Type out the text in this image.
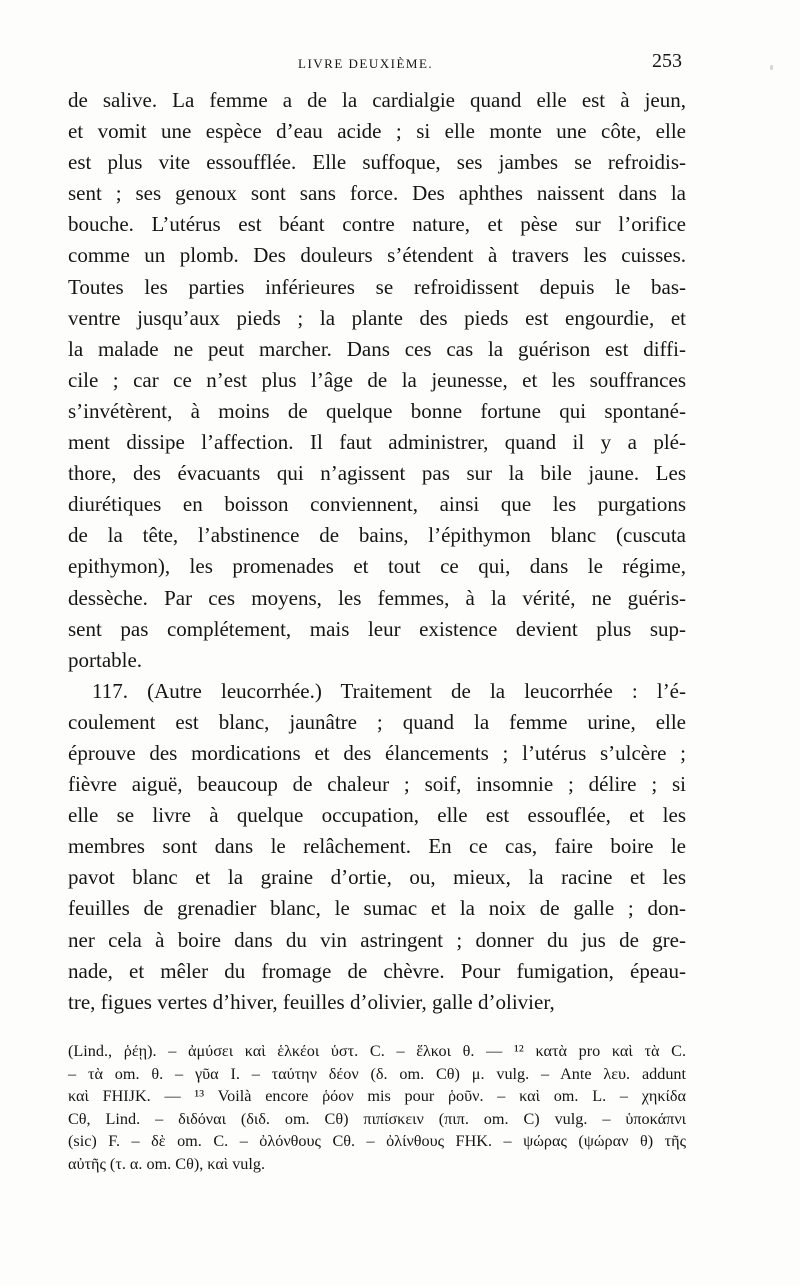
LIVRE DEUXIÈME.	253

de salive. La femme a de la cardialgie quand elle est à jeun,
et vomit une espèce d’eau acide ; si elle monte une côte, elle
est plus vite essoufflée. Elle suffoque, ses jambes se refroidis-
sent ; ses genoux sont sans force. Des aphthes naissent dans la
bouche. L’utérus est béant contre nature, et pèse sur l’orifice
comme un plomb. Des douleurs s’étendent à travers les cuisses.
Toutes les parties inférieures se refroidissent depuis le bas-
ventre jusqu’aux pieds ; la plante des pieds est engourdie, et
la malade ne peut marcher. Dans ces cas la guérison est diffi-
cile ; car ce n’est plus l’âge de la jeunesse, et les souffrances
s’invétèrent, à moins de quelque bonne fortune qui spontané-
ment dissipe l’affection. Il faut administrer, quand il y a plé-
thore, des évacuants qui n’agissent pas sur la bile jaune. Les
diurétiques en boisson conviennent, ainsi que les purgations
de la tête, l’abstinence de bains, l’épithymon blanc (cuscuta
epithymon), les promenades et tout ce qui, dans le régime,
dessèche. Par ces moyens, les femmes, à la vérité, ne guéris-
sent pas complétement, mais leur existence devient plus sup-
portable.

117. (Autre leucorrhée.) Traitement de la leucorrhée : l’é-
coulement est blanc, jaunâtre ; quand la femme urine, elle
éprouve des mordications et des élancements ; l’utérus s’ulcère ;
fièvre aiguë, beaucoup de chaleur ; soif, insomnie ; délire ; si
elle se livre à quelque occupation, elle est essouflée, et les
membres sont dans le relâchement. En ce cas, faire boire le
pavot blanc et la graine d’ortie, ou, mieux, la racine et les
feuilles de grenadier blanc, le sumac et la noix de galle ; don-
ner cela à boire dans du vin astringent ; donner du jus de gre-
nade, et mêler du fromage de chèvre. Pour fumigation, épeau-
tre, figues vertes d’hiver, feuilles d’olivier, galle d’olivier,

(Lind., ῥέῃ). – ἀμύσει καὶ ἑλκέοι ὑστ. C. – ἕλκοι θ. — ¹² κατὰ pro καὶ τὰ C.
– τὰ om. θ. – γῦα I. – ταύτην δέον (δ. om. Cθ) μ. vulg. – Ante λευ. addunt
καὶ FHIJK. — ¹³ Voilà encore ῥόον mis pour ῥοῦν. – καὶ om. L. – χηκίδα
Cθ, Lind. – διδόναι (διδ. om. Cθ) πιπίσκειν (πιπ. om. C) vulg. – ὑποκάπνι
(sic) F. – δὲ om. C. – ὀλόνθους Cθ. – ὀλίνθους FHK. – ψώρας (ψώραν θ) τῆς
αὐτῆς (τ. α. om. Cθ), καὶ vulg.
